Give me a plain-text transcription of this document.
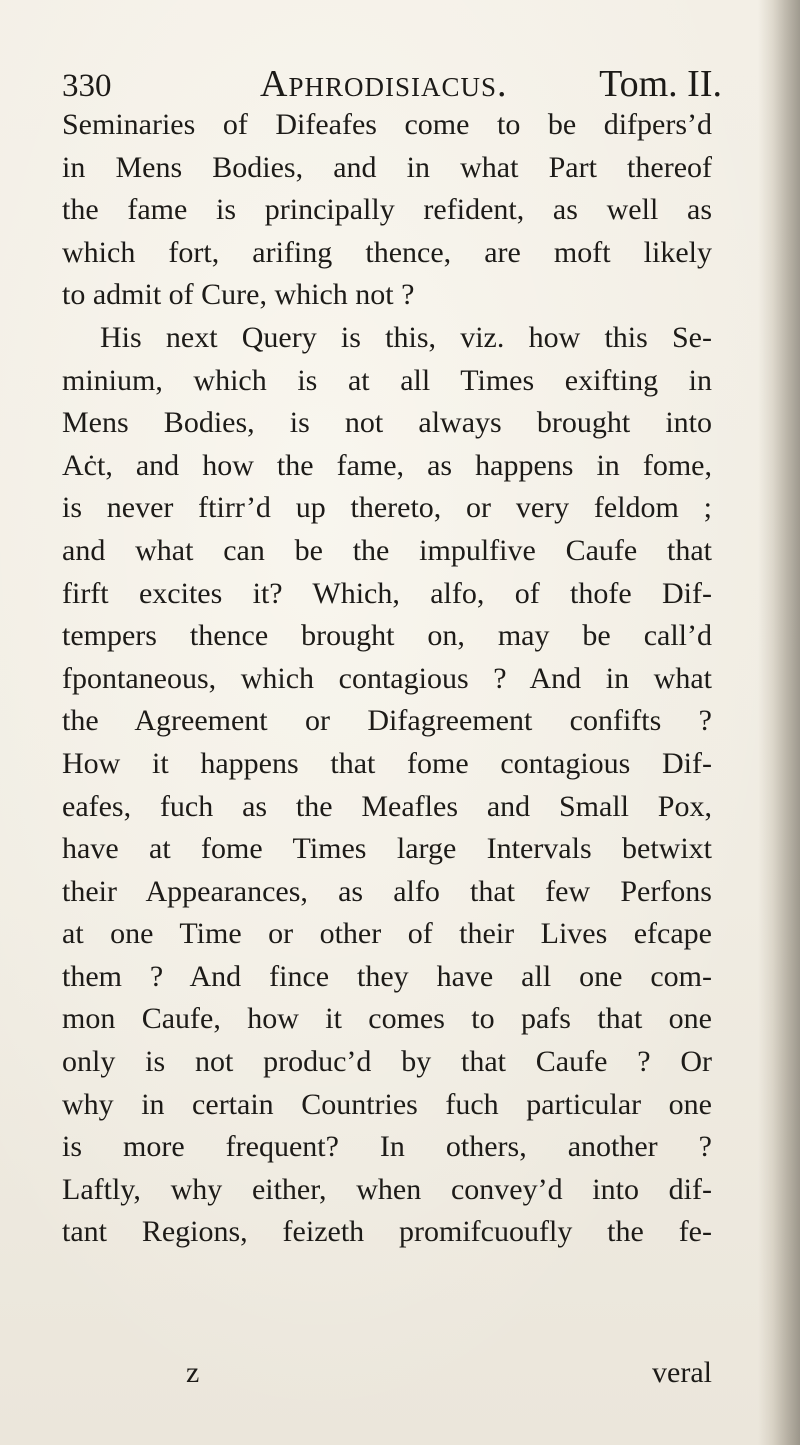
330	Aphrodisiacus. Tom. II.
Seminaries of Difeafes come to be difpers’d
in Mens Bodies, and in what Part thereof
the fame is principally refident, as well as
which fort, arifing thence, are moft likely
to admit of Cure, which not ?
His next Query is this, viz. how this Se-
minium, which is at all Times exifting in
Mens Bodies, is not always brought into
Aċt, and how the fame, as happens in fome,
is never ftirr’d up thereto, or very feldom ;
and what can be the impulfive Caufe that
firft excites it? Which, alfo, of thofe Dif-
tempers thence brought on, may be call’d
fpontaneous, which contagious ? And in what
the Agreement or Difagreement confifts ?
How it happens that fome contagious Dif-
eafes, fuch as the Meafles and Small Pox,
have at fome Times large Intervals betwixt
their Appearances, as alfo that few Perfons
at one Time or other of their Lives efcape
them ? And fince they have all one com-
mon Caufe, how it comes to pafs that one
only is not produc’d by that Caufe ? Or
why in certain Countries fuch particular one
is more frequent? In others, another ?
Laftly, why either, when convey’d into dif-
tant Regions, feizeth promifcuoufly the fe-
z	veral
